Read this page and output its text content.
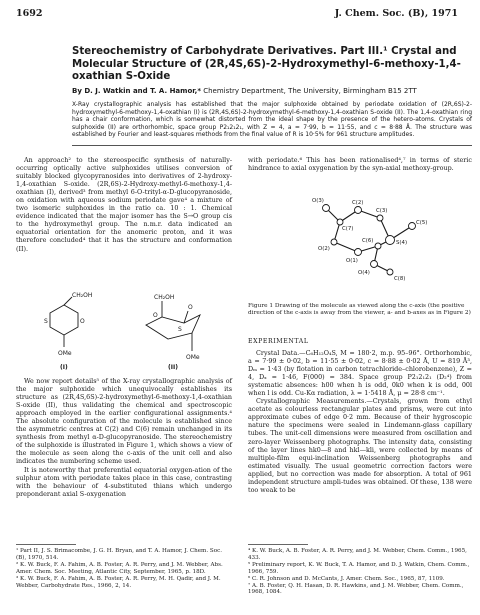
1692	J. Chem. Soc. (B), 1971
Stereochemistry of Carbohydrate Derivatives. Part III.¹ Crystal and Molecular Structure of (2R,4S,6S)-2-Hydroxymethyl-6-methoxy-1,4-oxathian S-Oxide
By D. J. Watkin and T. A. Hamor,* Chemistry Department, The University, Birmingham B15 2TT
X-Ray crystallographic analysis has established that the major sulphoxide obtained by periodate oxidation of (2R,6S)-2-hydroxymethyl-6-methoxy-1,4-oxathian (I) is (2R,4S,6S)-2-hydroxymethyl-6-methoxy-1,4-oxathian S-oxide (II). The 1,4-oxathian ring has a chair conformation, which is somewhat distorted from the ideal shape by the presence of the hetero-atoms. Crystals of sulphoxide (II) are orthorhombic, space group P2₁2₁2₁, with Z = 4, a = 7·99, b = 11·55, and c = 8·88 Å. The structure was established by Fourier and least-squares methods from the final value of R is 10·5% for 961 structure amplitudes.

An approach² to the stereospecific synthesis of naturally-occurring optically active sulphoxides utilises conversion of suitably blocked glycopyranosides into derivatives of 2-hydroxy-1,4-oxathian S-oxide. (2R,6S)-2-Hydroxy-methyl-6-methoxy-1,4-oxathian (I), derived³ from methyl 6-O-trityl-α-D-glucopyranoside, on oxidation with aqueous sodium periodate gave⁴ a mixture of two isomeric sulphoxides in the ratio ca. 10 : 1. Chemical evidence indicated that the major isomer has the S→O group cis to the hydroxymethyl group. The n.m.r. data indicated an equatorial orientation for the anomeric proton, and it was therefore concluded⁴ that it has the structure and conformation (II).

CH₂OH
S	O
OMe
CH₂OH
O
O
S
OMe
(I)	(II)

We now report details⁵ of the X-ray crystallographic analysis of the major sulphoxide which unequivocally establishes its structure as (2R,4S,6S)-2-hydroxymethyl-6-methoxy-1,4-oxathian S-oxide (II), thus validating the chemical and spectroscopic approach employed in the earlier configurational assignments.⁴ The absolute configuration of the molecule is established since the asymmetric centres at C(2) and C(6) remain unchanged in its synthesis from methyl α-D-glucopyranoside. The stereochemistry of the sulphoxide is illustrated in Figure 1, which shows a view of the molecule as seen along the c-axis of the unit cell and also indicates the numbering scheme used.

It is noteworthy that preferential equatorial oxygen-ation of the sulphur atom with periodate takes place in this case, contrasting with the behaviour of 4-substituted thians which undergo preponderant axial S-oxygenation

¹ Part II, J. S. Brimacombe, J. G. H. Bryan, and T. A. Hamor, J. Chem. Soc. (B), 1970, 514.
² K. W. Buck, F. A. Fahim, A. B. Foster, A. R. Perry, and J. M. Webber, Abs. Amer. Chem. Soc. Meeting, Atlantic City, September, 1965, p. 18D.
³ K. W. Buck, F. A. Fahim, A. B. Foster, A. R. Perry, M. H. Qadir, and J. M. Webber, Carbohydrate Res., 1966, 2, 14.

with periodate.⁶ This has been rationalised⁴,⁷ in terms of steric hindrance to axial oxygenation by the syn-axial methoxy-group.

O(3)
C(7)
C(2)
O(2)
O(1)
C(3)
S(4)
C(5)
C(6)
O(4)
C(8)
Figure 1 Drawing of the molecule as viewed along the c-axis (the positive direction of the c-axis is away from the viewer, a- and b-axes as in Figure 2)
EXPERIMENTAL

Crystal Data.—C₆H₁₂O₄S, M = 180·2, m.p. 95–96°. Orthorhombic, a = 7·99 ± 0·02, b = 11·55 ± 0·02, c = 8·88 ± 0·02 Å, U = 819 Å³, Dₘ = 1·43 (by flotation in carbon tetrachloride–chlorobenzene), Z = 4, Dₓ = 1·46, F(000) = 384. Space group P2₁2₁2₁ (D₂⁴) from systematic absences: h00 when h is odd, 0k0 when k is odd, 00l when l is odd. Cu-Kα radiation, λ = 1·5418 Å, μ = 28·8 cm⁻¹.

Crystallographic Measurements.—Crystals, grown from ethyl acetate as colourless rectangular plates and prisms, were cut into approximate cubes of edge 0·2 mm. Because of their hygroscopic nature the specimens were sealed in Lindemann-glass capillary tubes. The unit-cell dimensions were measured from oscillation and zero-layer Weissenberg photographs. The intensity data, consisting of the layer lines hk0—8 and hkl—kli, were collected by means of multiple-film equi-inclination Weissenberg photographs and estimated visually. The usual geometric correction factors were applied, but no correction was made for absorption. A total of 961 independent structure ampli-tudes was obtained. Of these, 138 were too weak to be

⁴ K. W. Buck, A. B. Foster, A. R. Perry, and J. M. Webber, Chem. Comm., 1965, 433.
⁵ Preliminary report, K. W. Buck, T. A. Hamor, and D. J. Watkin, Chem. Comm., 1966, 759.
⁶ C. R. Johnson and D. McCants, J. Amer. Chem. Soc., 1965, 87, 1109.
⁷ A. B. Foster, Q. H. Hasan, D. R. Hawkins, and J. M. Webber, Chem. Comm., 1968, 1084.
